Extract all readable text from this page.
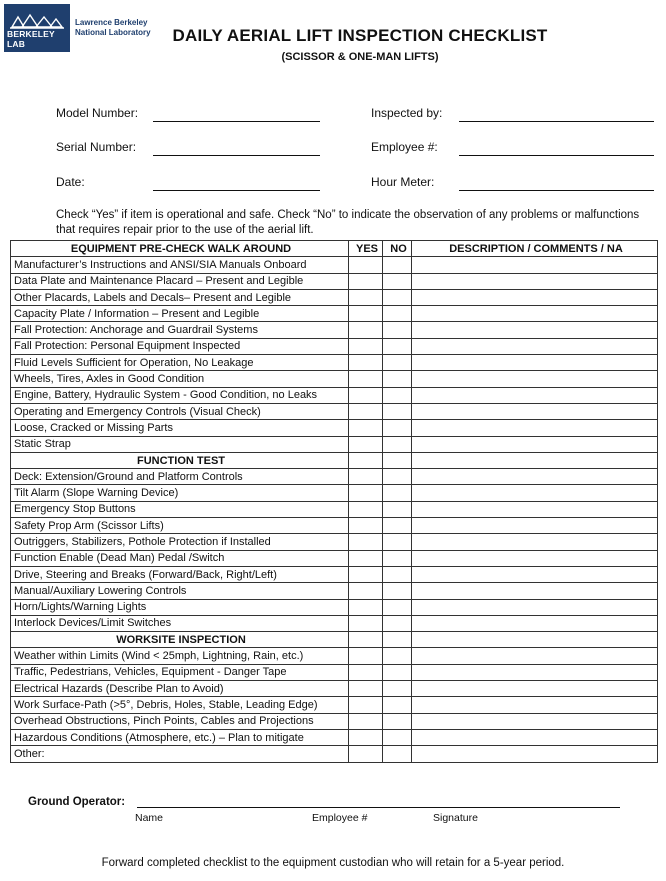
BERKELEY LAB
Lawrence Berkeley
National Laboratory	DAILY AERIAL LIFT INSPECTION CHECKLIST
(SCISSOR & ONE-MAN LIFTS)
Model Number:	Inspected by:
Serial Number:	Employee #:
Date:	Hour Meter:
Check “Yes” if item is operational and safe. Check “No” to indicate the observation of any problems or malfunctions that requires repair prior to the use of the aerial lift.
EQUIPMENT PRE-CHECK WALK AROUND	YES	NO	DESCRIPTION / COMMENTS / NA
Manufacturer’s Instructions and ANSI/SIA Manuals Onboard			
Data Plate and Maintenance Placard – Present and Legible			
Other Placards, Labels and Decals– Present and Legible			
Capacity Plate / Information – Present and Legible			
Fall Protection: Anchorage and Guardrail Systems			
Fall Protection: Personal Equipment Inspected			
Fluid Levels Sufficient for Operation, No Leakage			
Wheels, Tires, Axles in Good Condition			
Engine, Battery, Hydraulic System - Good Condition, no Leaks			
Operating and Emergency Controls (Visual Check)			
Loose, Cracked or Missing Parts			
Static Strap			
FUNCTION TEST			
Deck: Extension/Ground and Platform Controls			
Tilt Alarm (Slope Warning Device)			
Emergency Stop Buttons			
Safety Prop Arm (Scissor Lifts)			
Outriggers, Stabilizers, Pothole Protection if Installed			
Function Enable (Dead Man) Pedal /Switch			
Drive, Steering and Breaks (Forward/Back, Right/Left)			
Manual/Auxiliary Lowering Controls			
Horn/Lights/Warning Lights			
Interlock Devices/Limit Switches			
WORKSITE INSPECTION			
Weather within Limits (Wind < 25mph, Lightning, Rain, etc.)			
Traffic, Pedestrians, Vehicles, Equipment - Danger Tape			
Electrical Hazards (Describe Plan to Avoid)			
Work Surface-Path (>5°, Debris, Holes, Stable, Leading Edge)			
Overhead Obstructions, Pinch Points, Cables and Projections			
Hazardous Conditions (Atmosphere, etc.) – Plan to mitigate			
Other:			
Ground Operator:
Name	Employee #	Signature
Forward completed checklist to the equipment custodian who will retain for a 5-year period.
